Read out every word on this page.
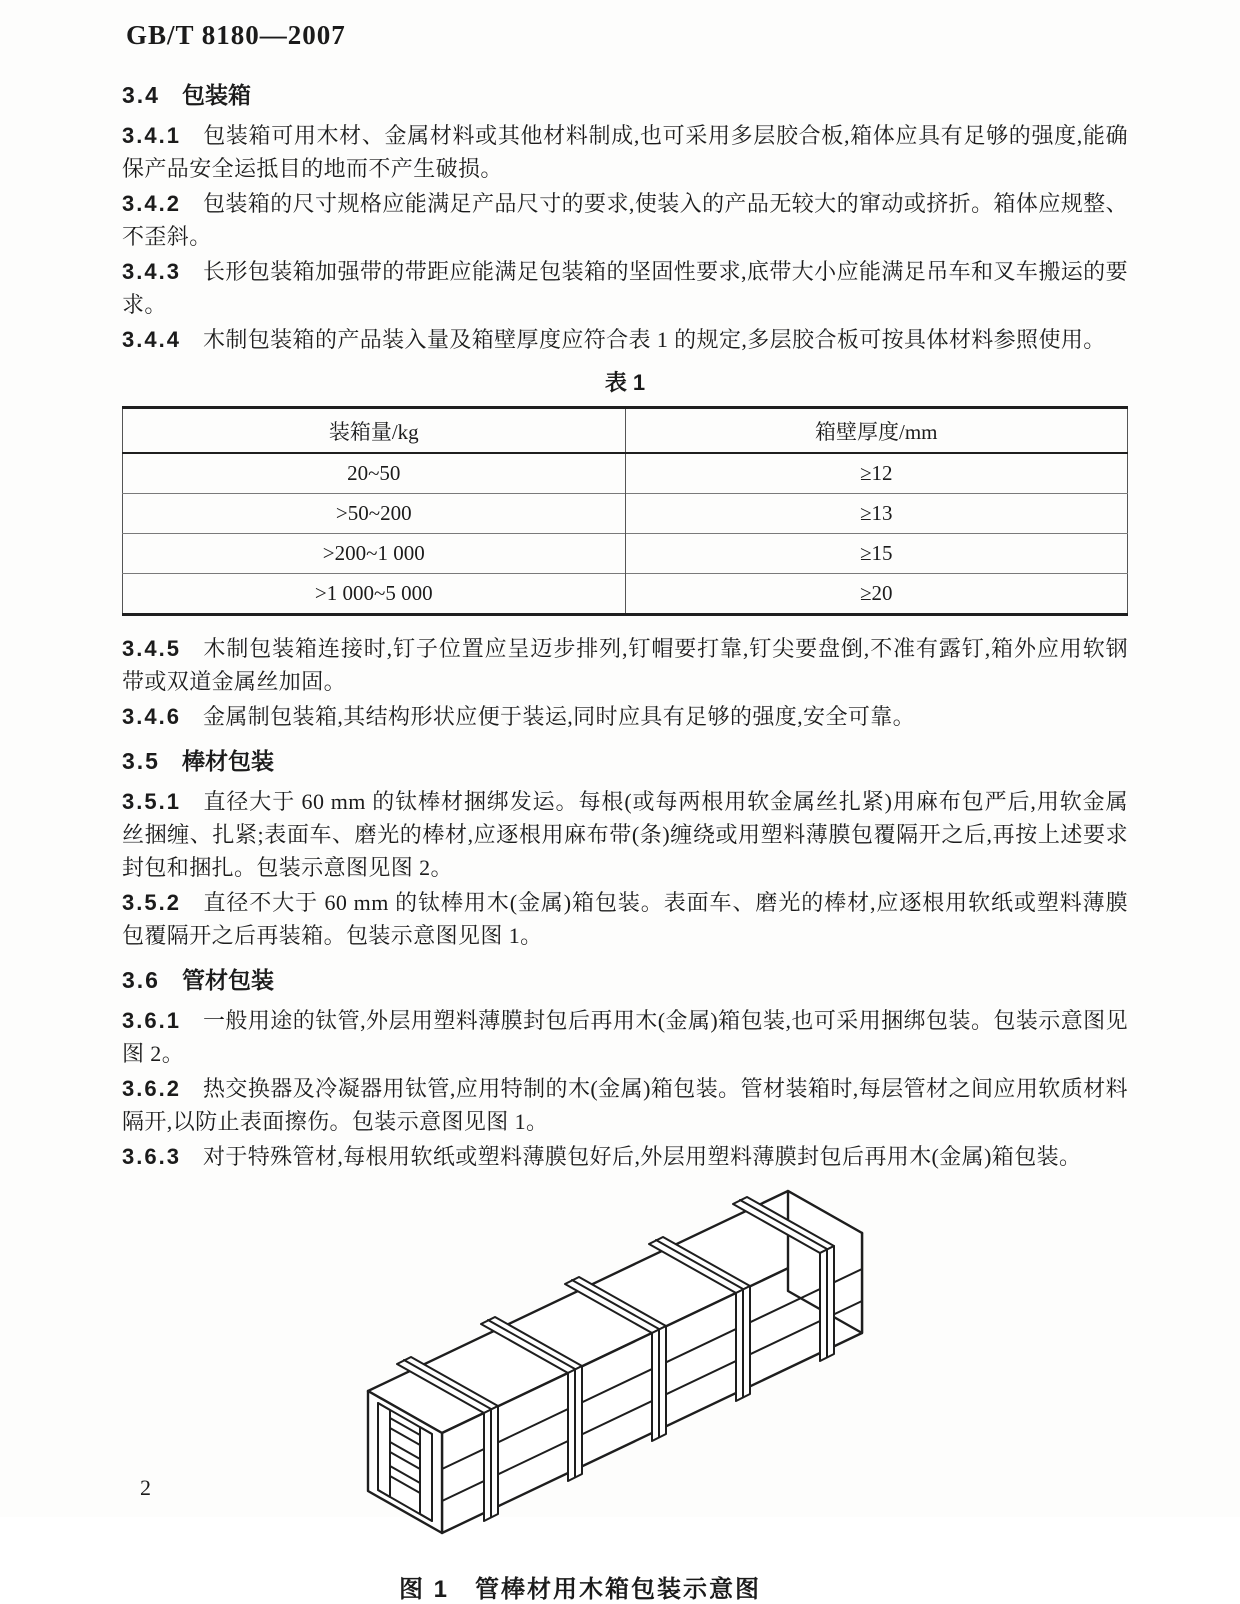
GB/T 8180—2007
3.4 包装箱

3.4.1 包装箱可用木材、金属材料或其他材料制成,也可采用多层胶合板,箱体应具有足够的强度,能确保产品安全运抵目的地而不产生破损。

3.4.2 包装箱的尺寸规格应能满足产品尺寸的要求,使装入的产品无较大的窜动或挤折。箱体应规整、不歪斜。

3.4.3 长形包装箱加强带的带距应能满足包装箱的坚固性要求,底带大小应能满足吊车和叉车搬运的要求。

3.4.4 木制包装箱的产品装入量及箱壁厚度应符合表 1 的规定,多层胶合板可按具体材料参照使用。

表 1
装箱量/kg	箱壁厚度/mm
20~50	≥12
>50~200	≥13
>200~1 000	≥15
>1 000~5 000	≥20

3.4.5 木制包装箱连接时,钉子位置应呈迈步排列,钉帽要打靠,钉尖要盘倒,不准有露钉,箱外应用软钢带或双道金属丝加固。

3.4.6 金属制包装箱,其结构形状应便于装运,同时应具有足够的强度,安全可靠。

3.5 棒材包装

3.5.1 直径大于 60 mm 的钛棒材捆绑发运。每根(或每两根用软金属丝扎紧)用麻布包严后,用软金属丝捆缠、扎紧;表面车、磨光的棒材,应逐根用麻布带(条)缠绕或用塑料薄膜包覆隔开之后,再按上述要求封包和捆扎。包装示意图见图 2。

3.5.2 直径不大于 60 mm 的钛棒用木(金属)箱包装。表面车、磨光的棒材,应逐根用软纸或塑料薄膜包覆隔开之后再装箱。包装示意图见图 1。

3.6 管材包装

3.6.1 一般用途的钛管,外层用塑料薄膜封包后再用木(金属)箱包装,也可采用捆绑包装。包装示意图见图 2。

3.6.2 热交换器及冷凝器用钛管,应用特制的木(金属)箱包装。管材装箱时,每层管材之间应用软质材料隔开,以防止表面擦伤。包装示意图见图 1。

3.6.3 对于特殊管材,每根用软纸或塑料薄膜包好后,外层用塑料薄膜封包后再用木(金属)箱包装。

图 1　管棒材用木箱包装示意图
2
